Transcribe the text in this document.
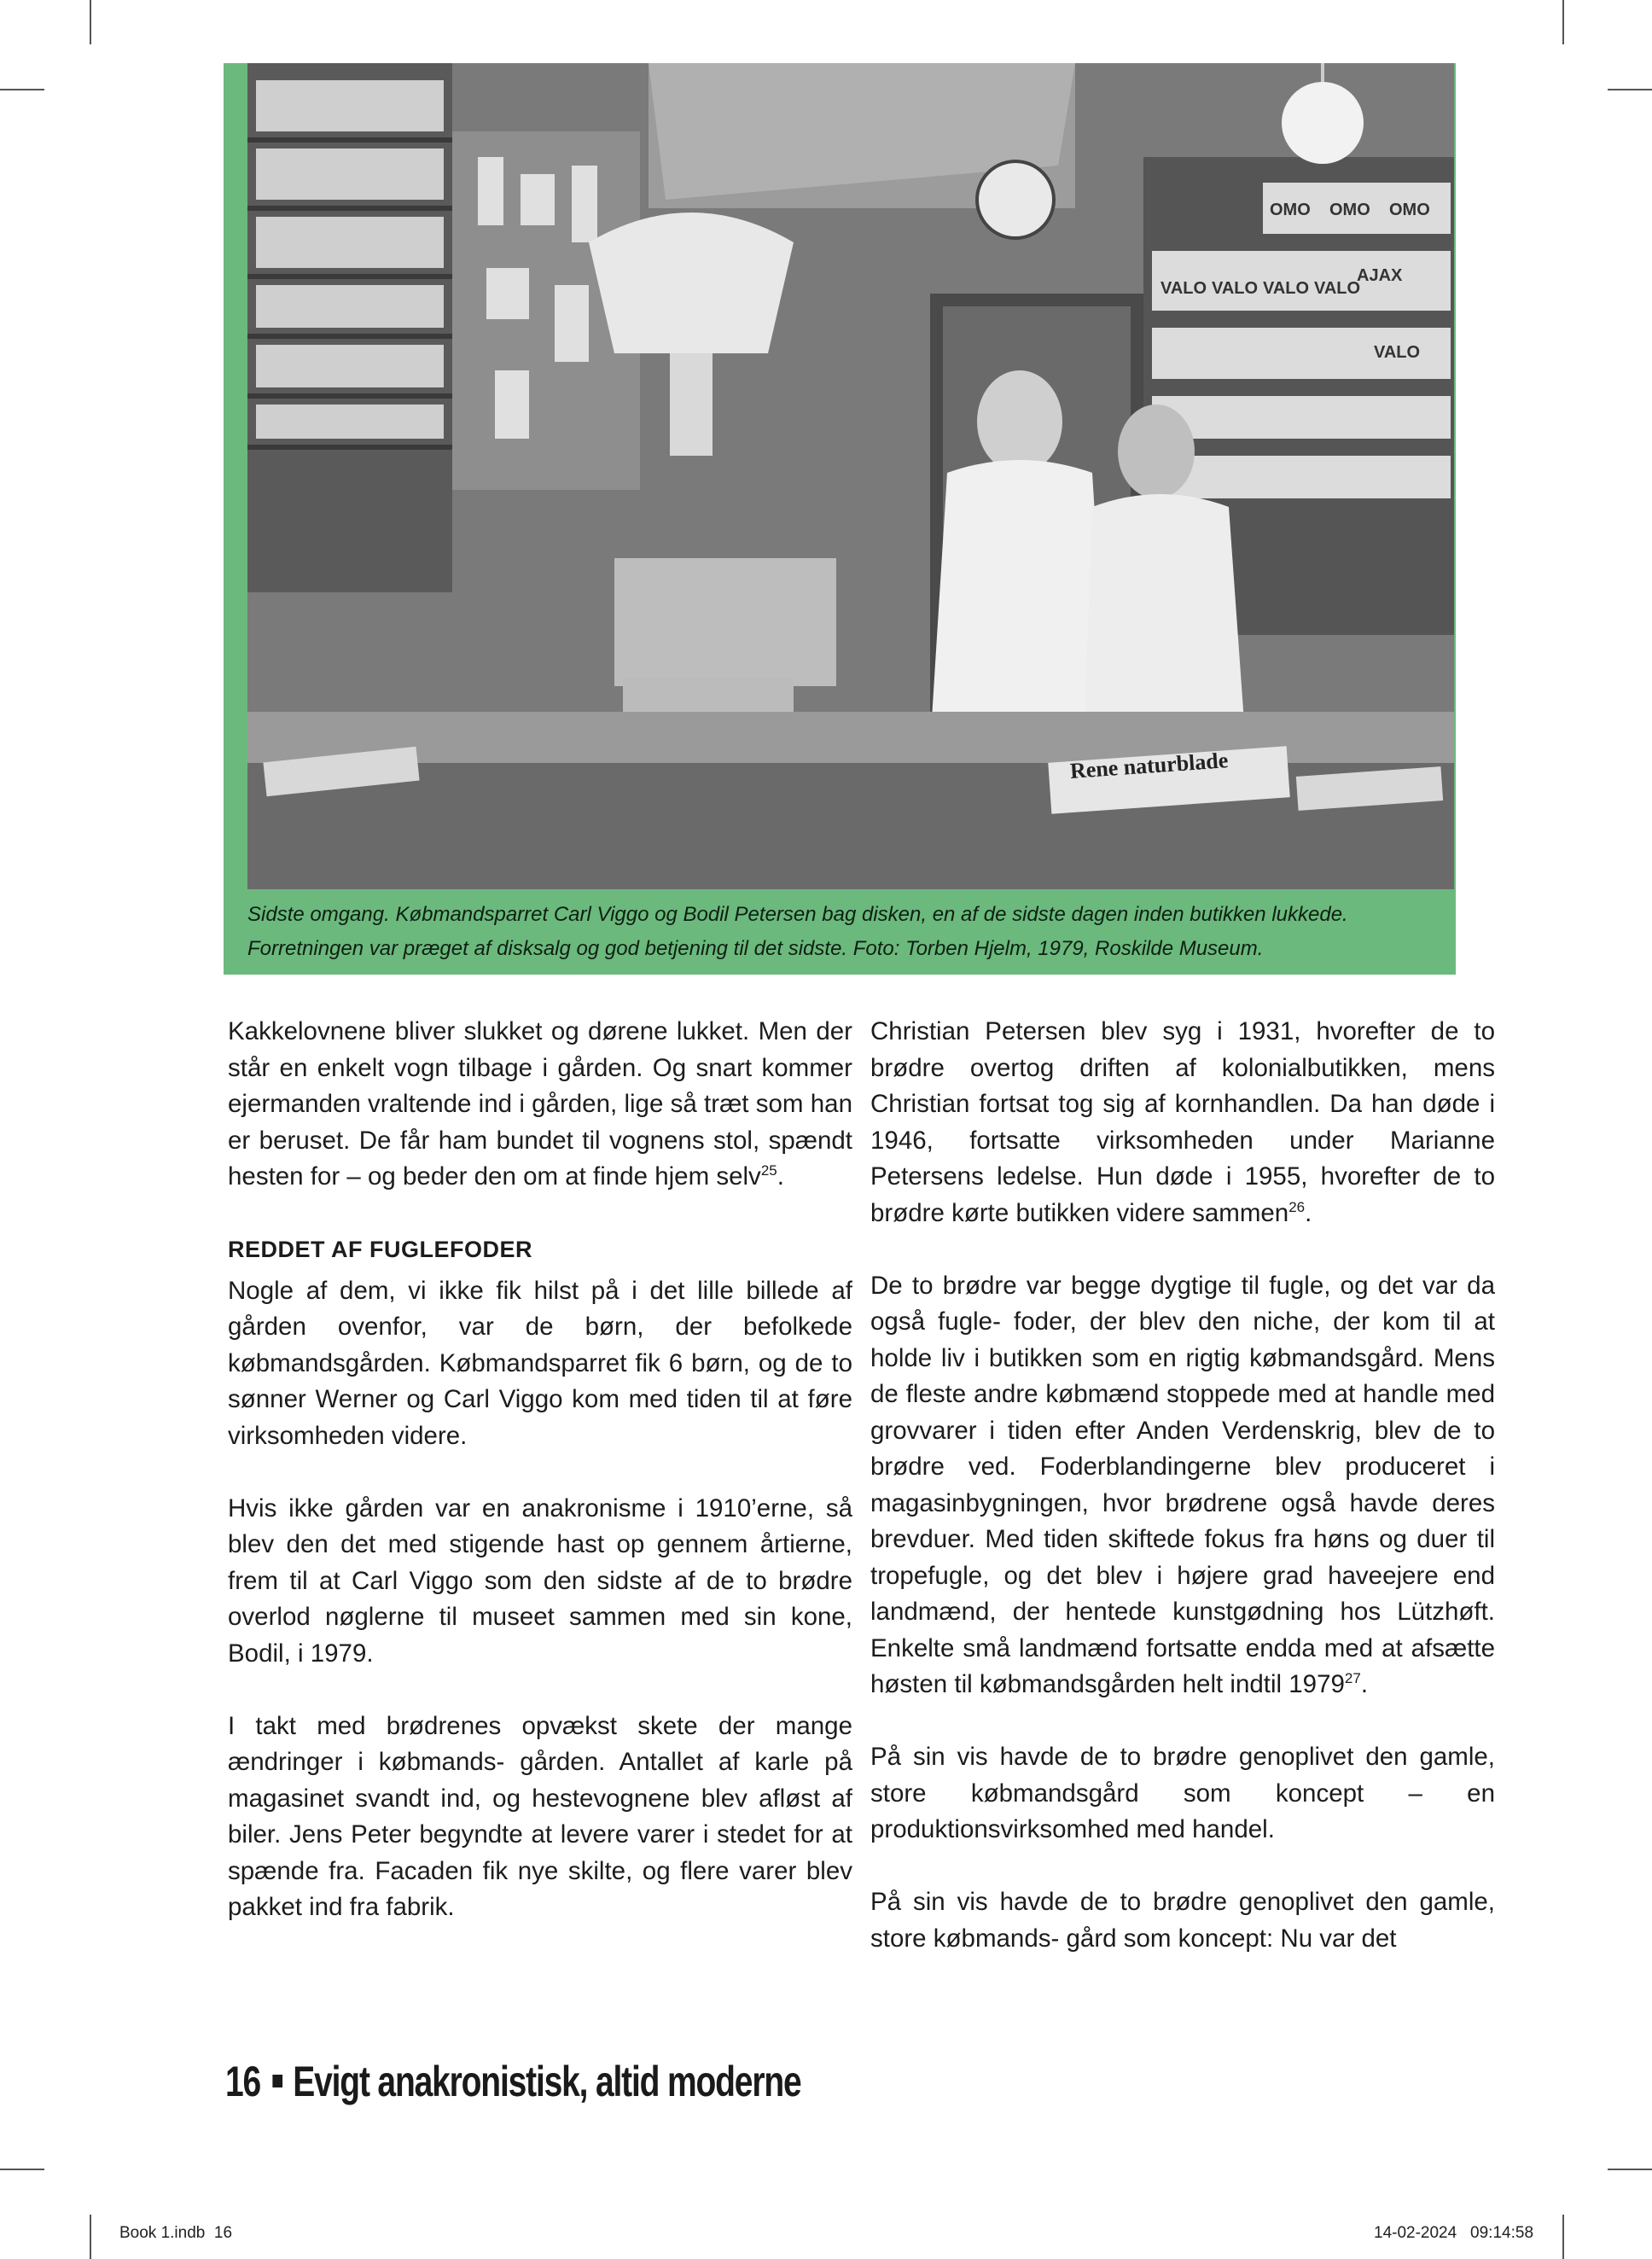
Rene naturblade
OMO OMO OMO
AJAX
VALO VALO VALO VALO
VALO
Sidste omgang. Købmandsparret Carl Viggo og Bodil Petersen bag disken, en af de sidste dagen inden butikken lukkede.
Forretningen var præget af disksalg og god betjening til det sidste. Foto: Torben Hjelm, 1979, Roskilde Museum.

Kakkelovnene bliver slukket og dørene lukket. Men der står en enkelt vogn tilbage i gården. Og snart kommer ejermanden vraltende ind i gården, lige så træt som han er beruset. De får ham bundet til vognens stol, spændt hesten for – og beder den om at finde hjem selv$^{25}$.

REDDET AF FUGLEFODER

Nogle af dem, vi ikke fik hilst på i det lille billede af gården ovenfor, var de børn, der befolkede købmandsgården. Købmandsparret fik 6 børn, og de to sønner Werner og Carl Viggo kom med tiden til at føre virksomheden videre.

Hvis ikke gården var en anakronisme i 1910’erne, så blev den det med stigende hast op gennem årtierne, frem til at Carl Viggo som den sidste af de to brødre overlod nøglerne til museet sammen med sin kone, Bodil, i 1979.

I takt med brødrenes opvækst skete der mange ændringer i købmands- gården. Antallet af karle på magasinet svandt ind, og hestevognene blev afløst af biler. Jens Peter begyndte at levere varer i stedet for at spænde fra. Facaden fik nye skilte, og flere varer blev pakket ind fra fabrik.

Christian Petersen blev syg i 1931, hvorefter de to brødre overtog driften af kolonialbutikken, mens Christian fortsat tog sig af kornhandlen. Da han døde i 1946, fortsatte virksomheden under Marianne Petersens ledelse. Hun døde i 1955, hvorefter de to brødre kørte butikken videre sammen$^{26}$.

De to brødre var begge dygtige til fugle, og det var da også fugle- foder, der blev den niche, der kom til at holde liv i butikken som en rigtig købmandsgård. Mens de fleste andre købmænd stoppede med at handle med grovvarer i tiden efter Anden Verdenskrig, blev de to brødre ved. Foderblandingerne blev produceret i magasinbygningen, hvor brødrene også havde deres brevduer. Med tiden skiftede fokus fra høns og duer til tropefugle, og det blev i højere grad haveejere end landmænd, der hentede kunstgødning hos Lützhøft. Enkelte små landmænd fortsatte endda med at afsætte høsten til købmandsgården helt indtil 1979$^{27}$.

På sin vis havde de to brødre genoplivet den gamle, store købmandsgård som koncept – en produktionsvirksomhed med handel.

På sin vis havde de to brødre genoplivet den gamle, store købmands- gård som koncept: Nu var det

16 Evigt anakronistisk, altid moderne
Book 1.indb 16	14-02-2024 09:14:58
